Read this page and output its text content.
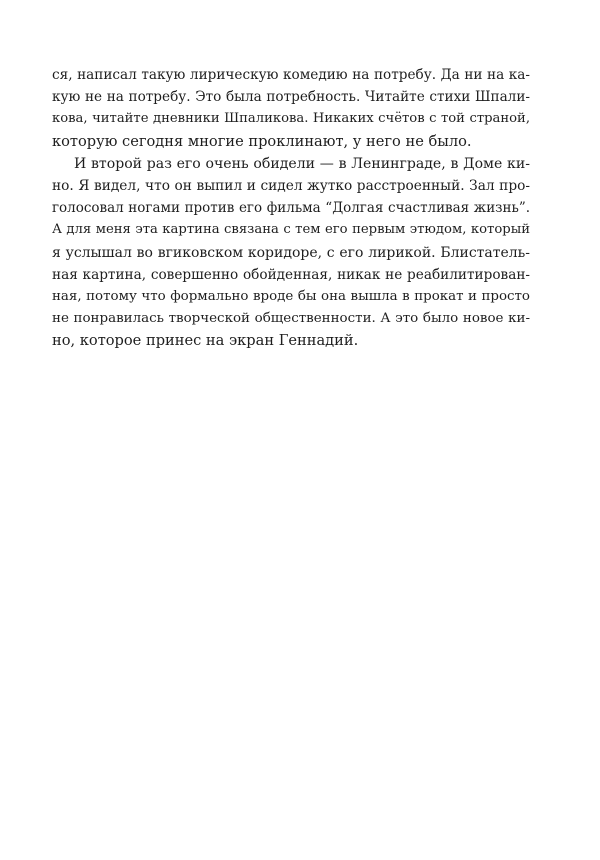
ся, написал такую лирическую комедию на потребу. Да ни на ка-
кую не на потребу. Это была потребность. Читайте стихи Шпали-
кова, читайте дневники Шпаликова. Никаких счётов с той страной,
которую сегодня многие проклинают, у него не было.
И второй раз его очень обидели — в Ленинграде, в Доме ки-
но. Я видел, что он выпил и сидел жутко расстроенный. Зал про-
голосовал ногами против его фильма “Долгая счастливая жизнь”.
А для меня эта картина связана с тем его первым этюдом, который
я услышал во вгиковском коридоре, с его лирикой. Блистатель-
ная картина, совершенно обойденная, никак не реабилитирован-
ная, потому что формально вроде бы она вышла в прокат и просто
не понравилась творческой общественности. А это было новое ки-
но, которое принес на экран Геннадий.
